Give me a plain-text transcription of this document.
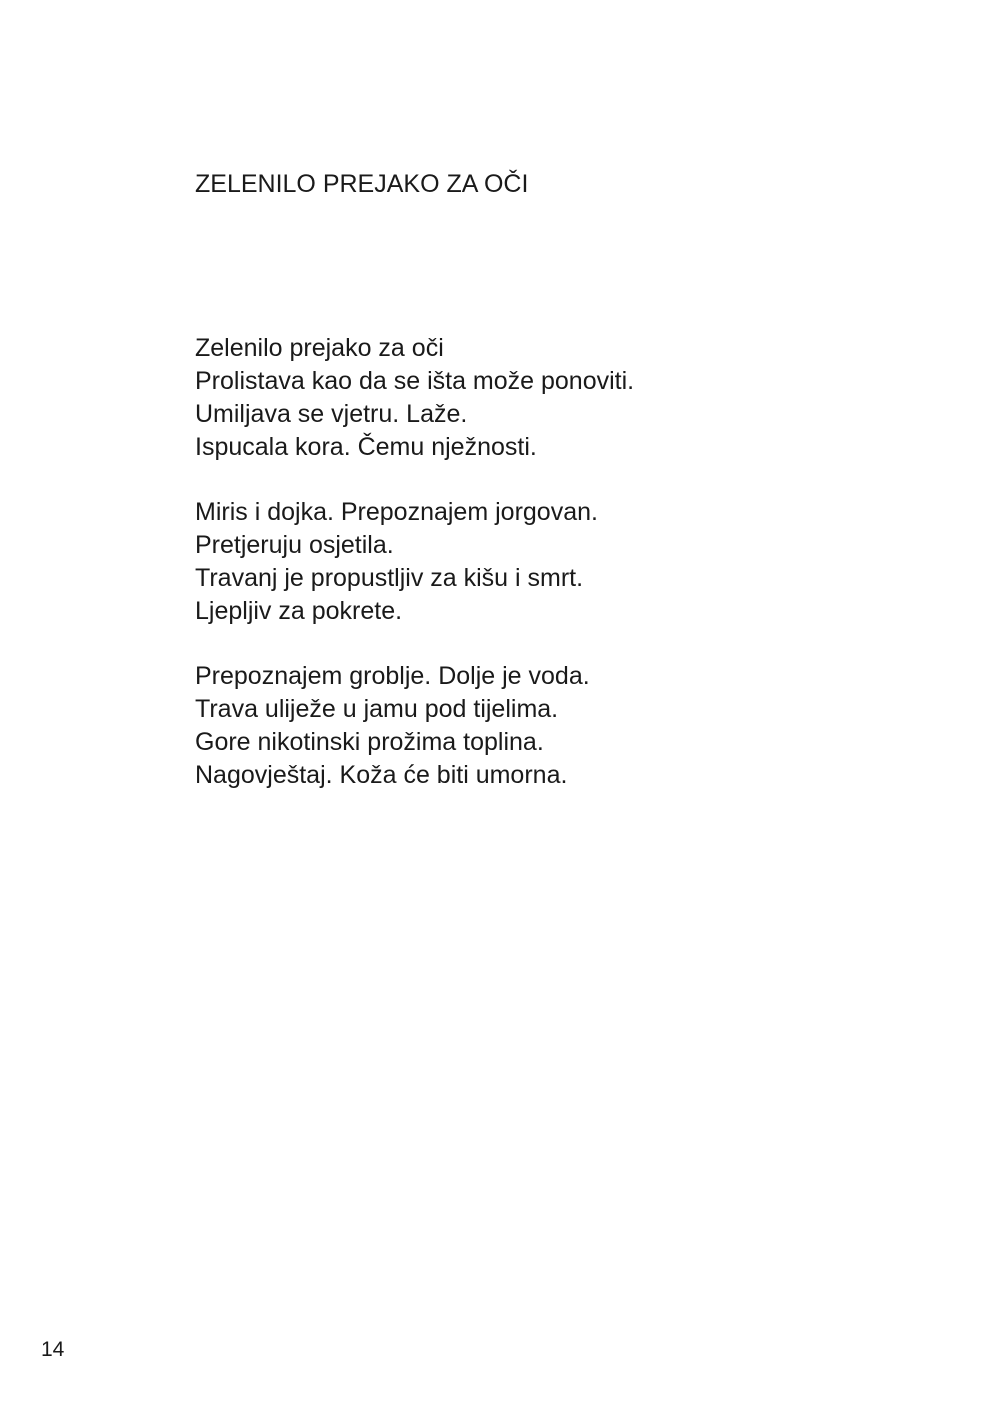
ZELENILO PREJAKO ZA OČI
Zelenilo prejako za oči
Prolistava kao da se išta može ponoviti.
Umiljava se vjetru. Laže.
Ispucala kora. Čemu nježnosti.
Miris i dojka. Prepoznajem jorgovan.
Pretjeruju osjetila.
Travanj je propustljiv za kišu i smrt.
Ljepljiv za pokrete.
Prepoznajem groblje. Dolje je voda.
Trava uliježe u jamu pod tijelima.
Gore nikotinski prožima toplina.
Nagovještaj. Koža će biti umorna.
14
